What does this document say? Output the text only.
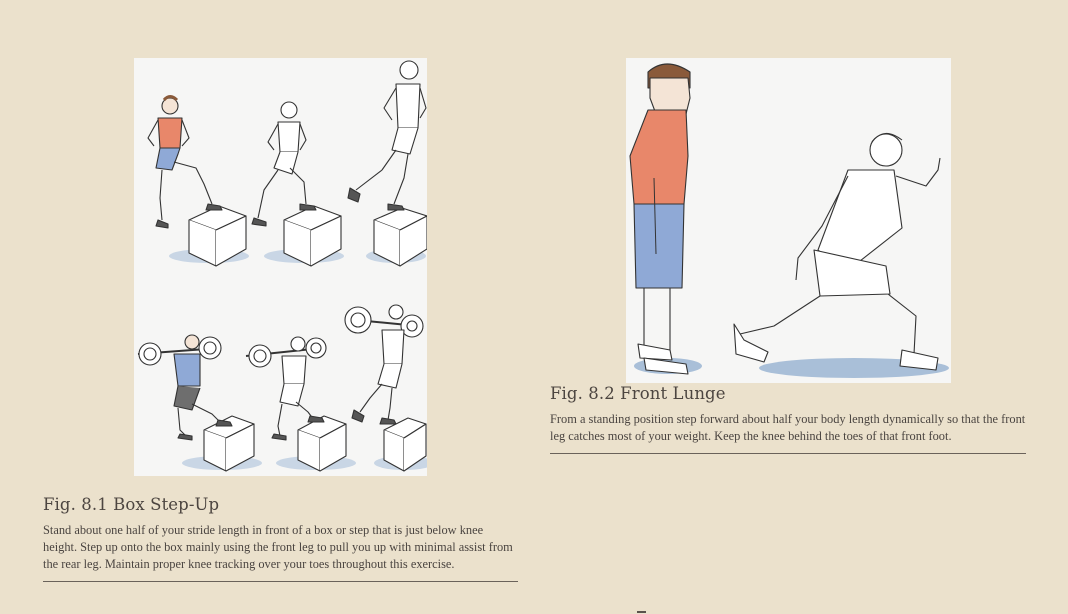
Fig. 8.1 Box Step-Up

Stand about one half of your stride length in front of a box or step that is just below knee height. Step up onto the box mainly using the front leg to pull you up with minimal assist from the rear leg. Maintain proper knee tracking over your toes throughout this exercise.

Fig. 8.2 Front Lunge

From a standing position step forward about half your body length dynamically so that the front leg catches most of your weight. Keep the knee behind the toes of that front foot.
